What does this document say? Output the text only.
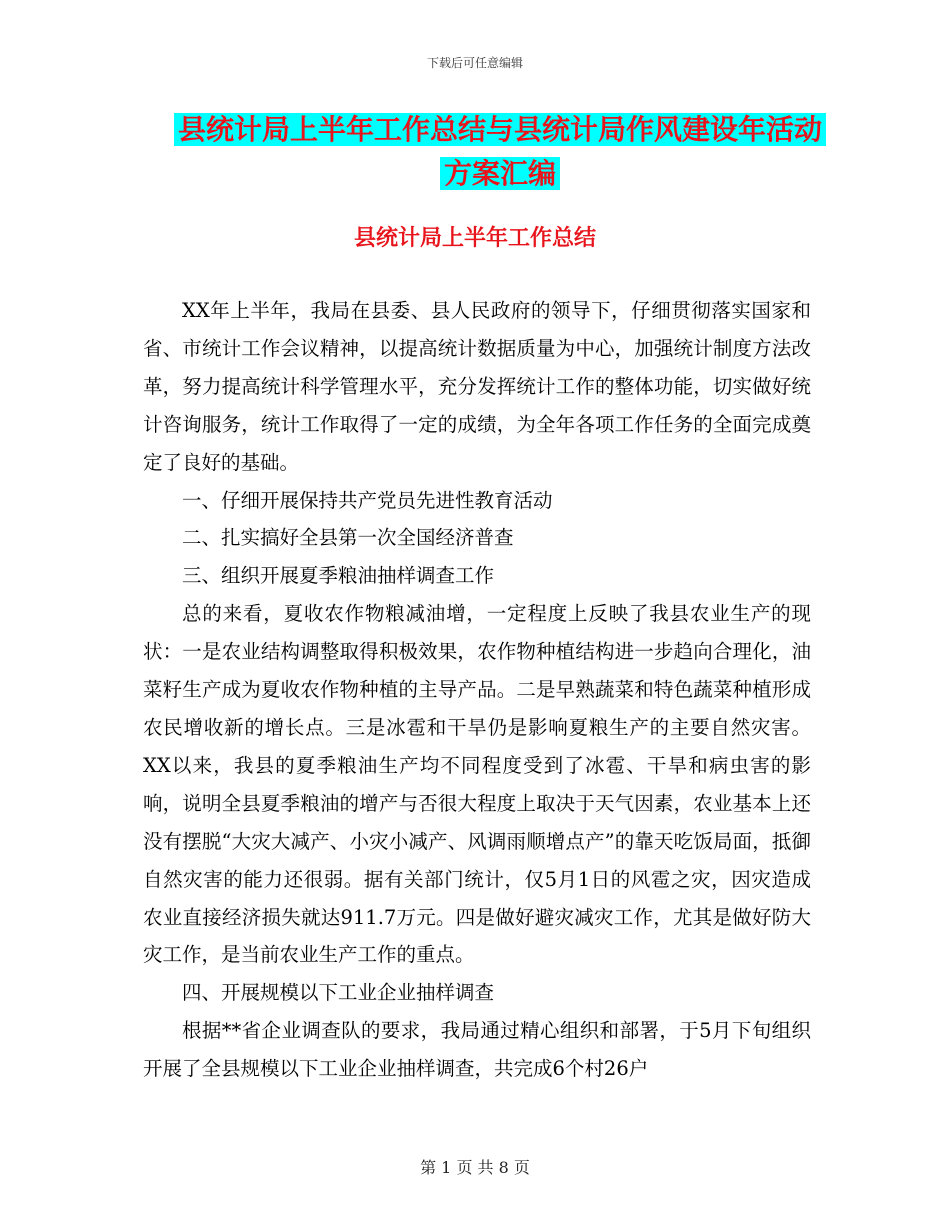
下载后可任意编辑
县统计局上半年工作总结与县统计局作风建设年活动
方案汇编
县统计局上半年工作总结

XX年上半年，我局在县委、县人民政府的领导下，仔细贯彻落实国家和省、市统计工作会议精神，以提高统计数据质量为中心，加强统计制度方法改革，努力提高统计科学管理水平，充分发挥统计工作的整体功能，切实做好统计咨询服务，统计工作取得了一定的成绩，为全年各项工作任务的全面完成奠定了良好的基础。

一、仔细开展保持共产党员先进性教育活动

二、扎实搞好全县第一次全国经济普查

三、组织开展夏季粮油抽样调查工作

总的来看，夏收农作物粮减油增，一定程度上反映了我县农业生产的现状：一是农业结构调整取得积极效果，农作物种植结构进一步趋向合理化，油菜籽生产成为夏收农作物种植的主导产品。二是早熟蔬菜和特色蔬菜种植形成农民增收新的增长点。三是冰雹和干旱仍是影响夏粮生产的主要自然灾害。XX以来，我县的夏季粮油生产均不同程度受到了冰雹、干旱和病虫害的影响，说明全县夏季粮油的增产与否很大程度上取决于天气因素，农业基本上还没有摆脱“大灾大减产、小灾小减产、风调雨顺增点产”的靠天吃饭局面，抵御自然灾害的能力还很弱。据有关部门统计，仅5月1日的风雹之灾，因灾造成农业直接经济损失就达911.7万元。四是做好避灾减灾工作，尤其是做好防大灾工作，是当前农业生产工作的重点。

四、开展规模以下工业企业抽样调查

根据**省企业调查队的要求，我局通过精心组织和部署，于5月下旬组织开展了全县规模以下工业企业抽样调查，共完成6个村26户

第 1 页 共 8 页
